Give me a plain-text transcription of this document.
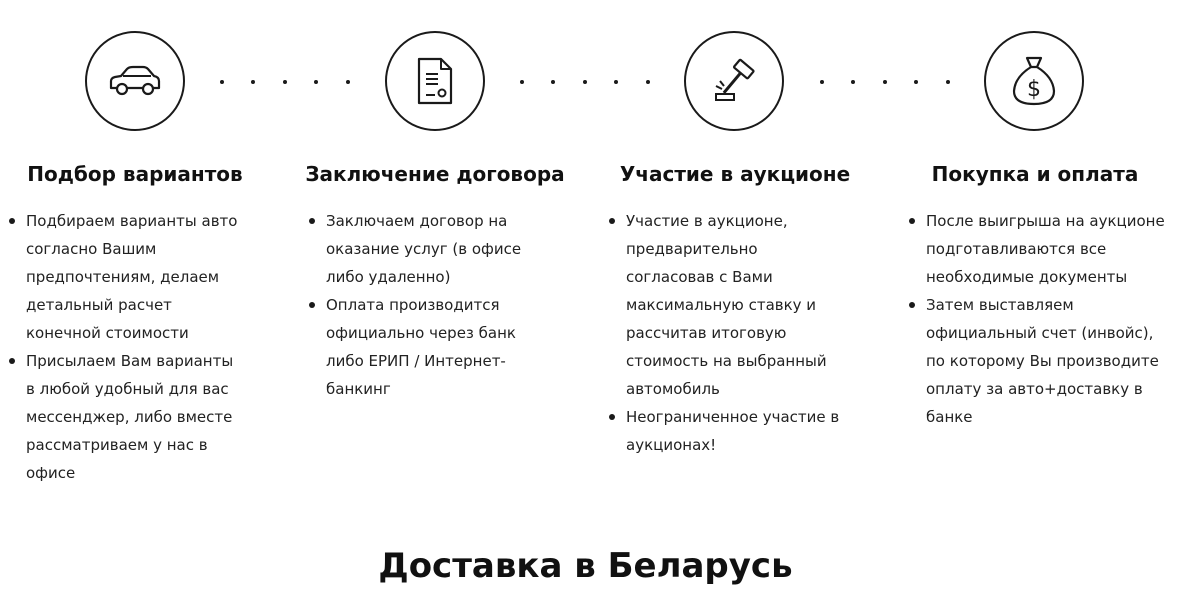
$
Подбор вариантов	Заключение договора	Участие в аукционе	Покупка и оплата
Подбираем варианты авто согласно Вашим предпочтениям, делаем детальный расчет конечной стоимости
Присылаем Вам варианты в любой удобный для вас мессенджер, либо вместе рассматриваем у нас в офисе
Заключаем договор на оказание услуг (в офисе либо удаленно)
Оплата производится официально через банк либо ЕРИП / Интернет-банкинг
Участие в аукционе, предварительно согласовав с Вами максимальную ставку и рассчитав итоговую стоимость на выбранный автомобиль
Неограниченное участие в аукционах!
После выигрыша на аукционе подготавливаются все необходимые документы
Затем выставляем официальный счет (инвойс), по которому Вы производите оплату за авто+доставку в банке
Доставка в Беларусь
